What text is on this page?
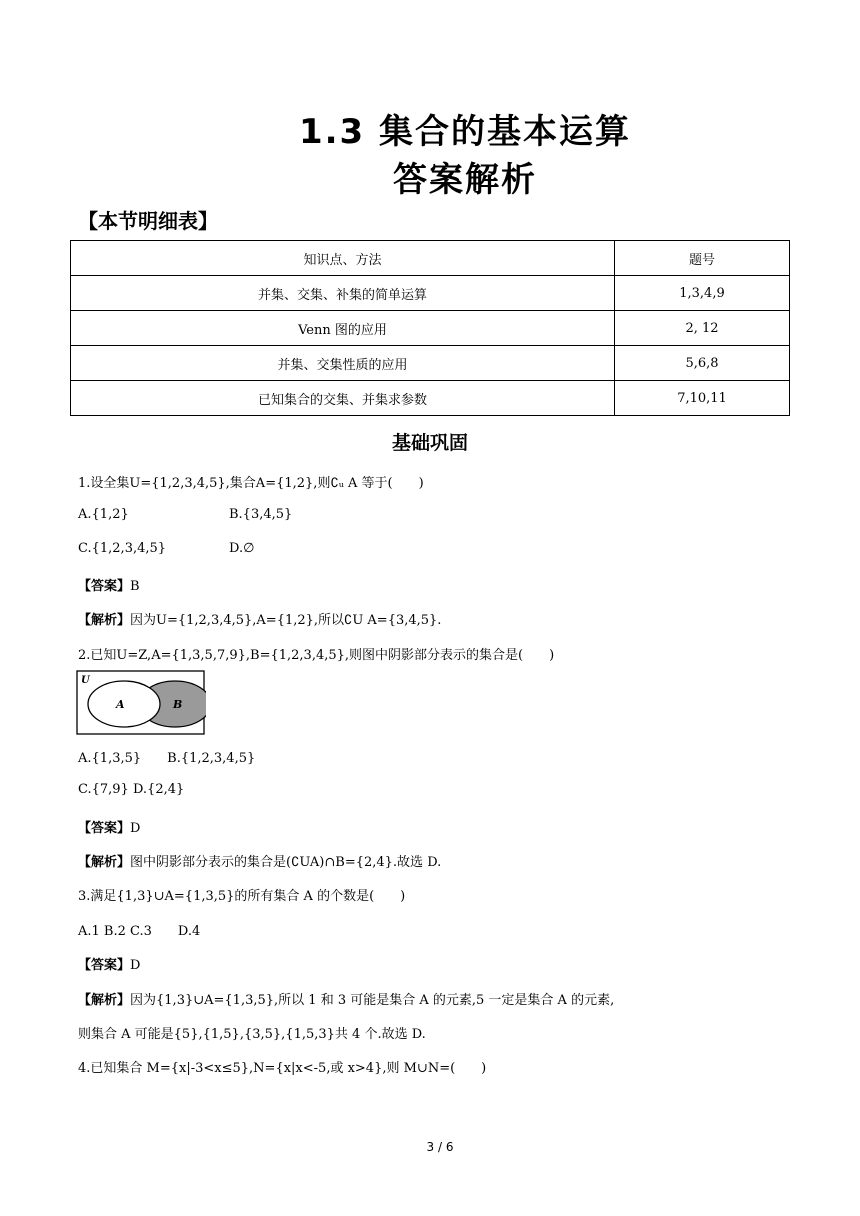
1.3 集合的基本运算
答案解析
【本节明细表】
知识点、方法	题号
并集、交集、补集的简单运算	1,3,4,9
Venn 图的应用	2, 12
并集、交集性质的应用	5,6,8
已知集合的交集、并集求参数	7,10,11
基础巩固
1.设全集U={1,2,3,4,5},集合A={1,2},则∁ᵤ A 等于(　　)
A.{1,2}	B.{3,4,5}
C.{1,2,3,4,5}	D.∅
【答案】B
【解析】因为U={1,2,3,4,5},A={1,2},所以∁U A={3,4,5}.
2.已知U=Z,A={1,3,5,7,9},B={1,2,3,4,5},则图中阴影部分表示的集合是(　　)
U
A	B
A.{1,3,5}　　B.{1,2,3,4,5}
C.{7,9} D.{2,4}
【答案】D
【解析】图中阴影部分表示的集合是(∁UA)∩B={2,4}.故选 D.
3.满足{1,3}∪A={1,3,5}的所有集合 A 的个数是(　　)
A.1 B.2 C.3　　D.4
【答案】D
【解析】因为{1,3}∪A={1,3,5},所以 1 和 3 可能是集合 A 的元素,5 一定是集合 A 的元素,
则集合 A 可能是{5},{1,5},{3,5},{1,5,3}共 4 个.故选 D.
4.已知集合 M={x|-3<x≤5},N={x|x<-5,或 x>4},则 M∪N=(　　)
3 / 6
